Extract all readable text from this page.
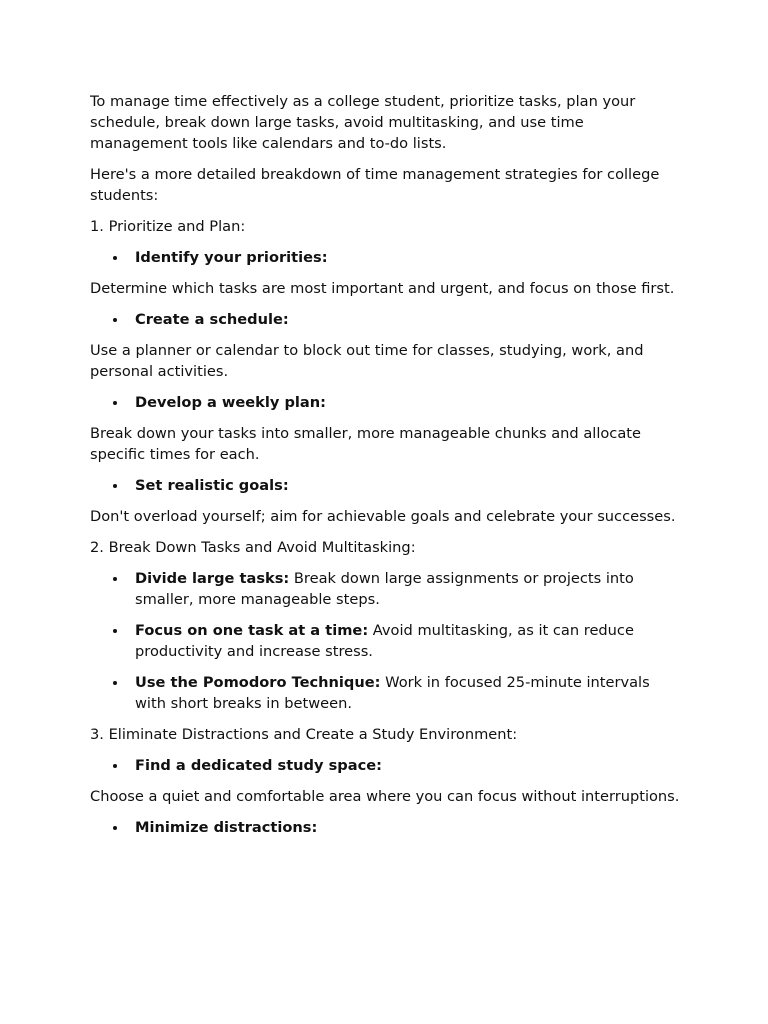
To manage time effectively as a college student, prioritize tasks, plan your schedule, break down large tasks, avoid multitasking, and use time management tools like calendars and to-do lists.

Here's a more detailed breakdown of time management strategies for college students:

1. Prioritize and Plan:

Identify your priorities:

Determine which tasks are most important and urgent, and focus on those first.

Create a schedule:

Use a planner or calendar to block out time for classes, studying, work, and personal activities.

Develop a weekly plan:

Break down your tasks into smaller, more manageable chunks and allocate specific times for each.

Set realistic goals:

Don't overload yourself; aim for achievable goals and celebrate your successes.

2. Break Down Tasks and Avoid Multitasking:

Divide large tasks: Break down large assignments or projects into smaller, more manageable steps.
Focus on one task at a time: Avoid multitasking, as it can reduce productivity and increase stress.
Use the Pomodoro Technique: Work in focused 25-minute intervals with short breaks in between.

3. Eliminate Distractions and Create a Study Environment:

Find a dedicated study space:

Choose a quiet and comfortable area where you can focus without interruptions.

Minimize distractions:
